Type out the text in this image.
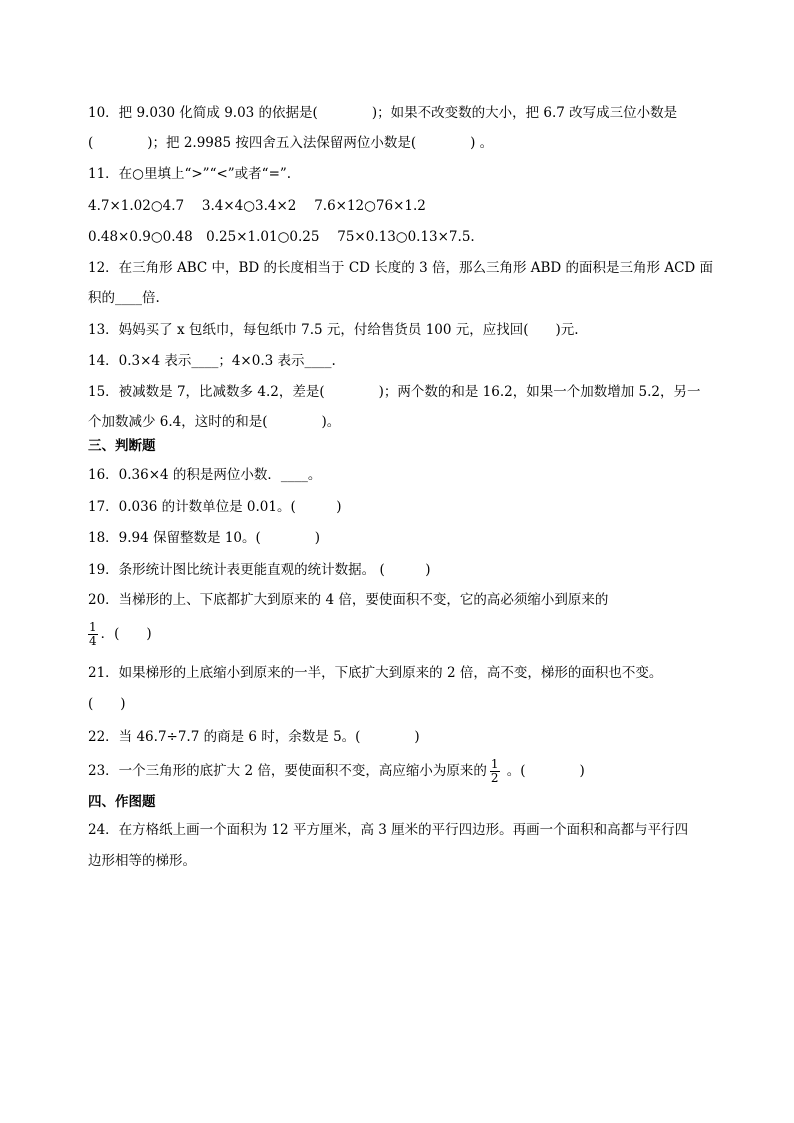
10．把 9.030 化简成 9.03 的依据是(　　　　)；如果不改变数的大小，把 6.7 改写成三位小数是
(　　　　)；把 2.9985 按四舍五入法保留两位小数是(　　　　) 。
11．在○里填上“>”“<”或者“=”.
4.7×1.02○4.7　 3.4×4○3.4×2　 7.6×12○76×1.2
0.48×0.9○0.48　0.25×1.01○0.25　 75×0.13○0.13×7.5.
12．在三角形 ABC 中，BD 的长度相当于 CD 长度的 3 倍，那么三角形 ABD 的面积是三角形 ACD 面
积的____倍.
13．妈妈买了 x 包纸巾，每包纸巾 7.5 元，付给售货员 100 元，应找回(　　)元.
14．0.3×4 表示____；4×0.3 表示____.
15．被减数是 7，比减数多 4.2，差是(　　　　)；两个数的和是 16.2，如果一个加数增加 5.2，另一
个加数减少 6.4，这时的和是(　　　　)。
三、判断题
16．0.36×4 的积是两位小数．____。
17．0.036 的计数单位是 0.01。(　　　)
18．9.94 保留整数是 10。(　　　　)
19．条形统计图比统计表更能直观的统计数据。 (　　　)
20．当梯形的上、下底都扩大到原来的 4 倍，要使面积不变，它的高必须缩小到原来的
$\frac{1}{4}$ ．(　　)
21．如果梯形的上底缩小到原来的一半，下底扩大到原来的 2 倍，高不变，梯形的面积也不变。
(　　)
22．当 46.7÷7.7 的商是 6 时，余数是 5。(　　　　)
23．一个三角形的底扩大 2 倍，要使面积不变，高应缩小为原来的 $\frac{1}{2}$ 。(　　　　)
四、作图题
24．在方格纸上画一个面积为 12 平方厘米，高 3 厘米的平行四边形。再画一个面积和高都与平行四
边形相等的梯形。
